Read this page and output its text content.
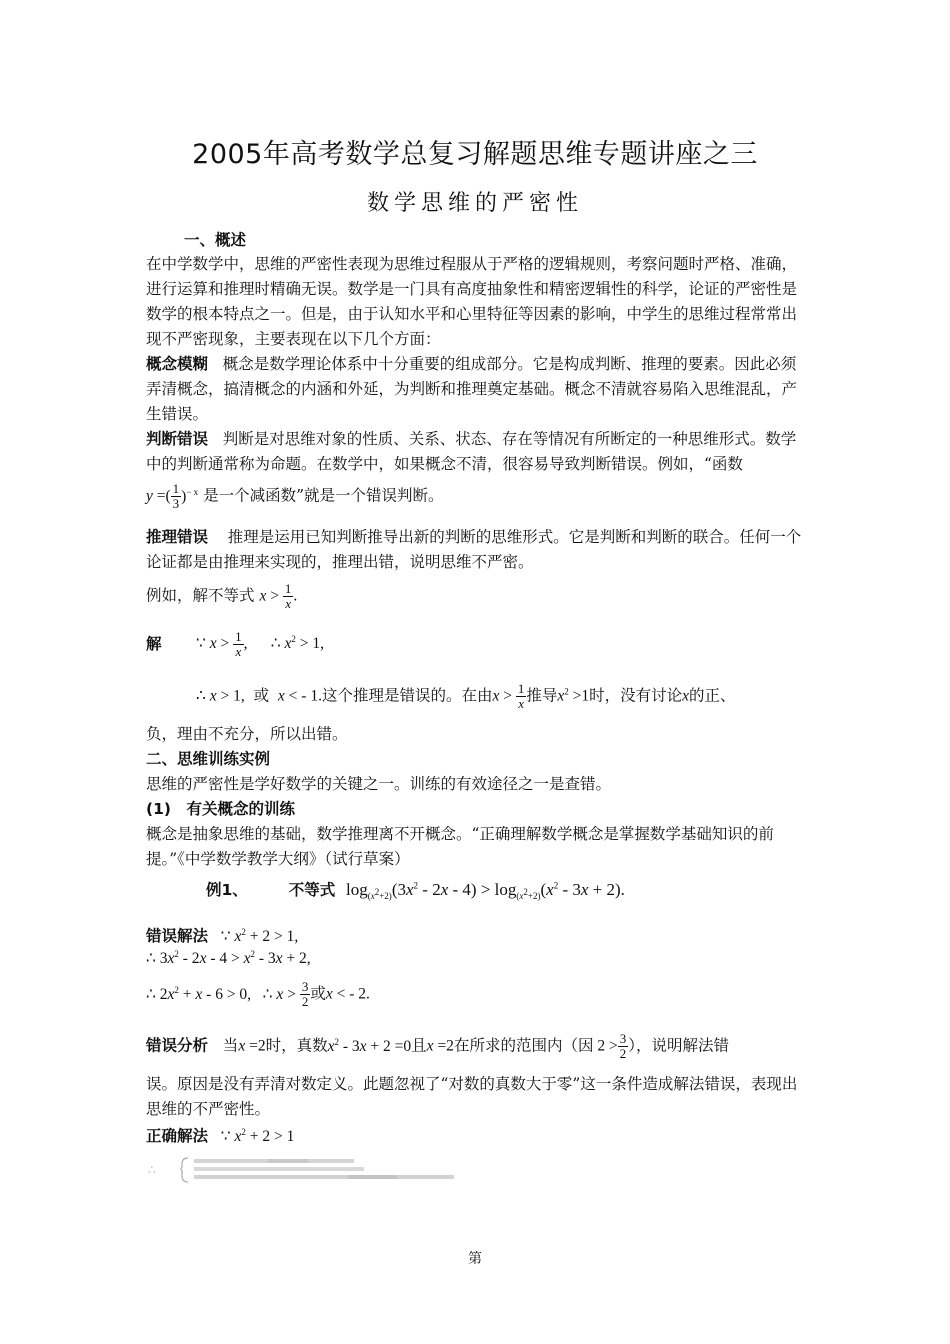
2005年高考数学总复习解题思维专题讲座之三
数学思维的严密性
一、概述
在中学数学中，思维的严密性表现为思维过程服从于严格的逻辑规则，考察问题时严格、准确，进行运算和推理时精确无误。数学是一门具有高度抽象性和精密逻辑性的科学，论证的严密性是数学的根本特点之一。但是，由于认知水平和心里特征等因素的影响，中学生的思维过程常常出现不严密现象，主要表现在以下几个方面：
概念模糊 概念是数学理论体系中十分重要的组成部分。它是构成判断、推理的要素。因此必须弄清概念，搞清概念的内涵和外延，为判断和推理奠定基础。概念不清就容易陷入思维混乱，产生错误。
判断错误 判断是对思维对象的性质、关系、状态、存在等情况有所断定的一种思维形式。数学中的判断通常称为命题。在数学中，如果概念不清，很容易导致判断错误。例如，“函数
y =( $\frac{1}{3} )^{- x}$ 是一个减函数”就是一个错误判断。
推理错误 推理是运用已知判断推导出新的判断的思维形式。它是判断和判断的联合。任何一个论证都是由推理来实现的，推理出错，说明思维不严密。
例如，解不等式 $x > \frac{1}{x}$ .
解 ∵ $x > \frac{1}{x}$ ,      ∴ $x^2 > 1$,
∴ x > 1,  或 x < - 1.这个推理是错误的。在由$x > \frac{1}{x}$ 推导$x^2 >1$时，没有讨论x的正、
负，理由不充分，所以出错。
二、思维训练实例
思维的严密性是学好数学的关键之一。训练的有效途径之一是查错。
(1)　有关概念的训练
概念是抽象思维的基础，数学推理离不开概念。“正确理解数学概念是掌握数学基础知识的前提。”《中学数学教学大纲》（试行草案）
例1、	不等式 $\log_{(x^2+2)}(3x^2 - 2x - 4) > \log_{(x^2+2)}(x^2 - 3x + 2)$.
错误解法   ∵ $x^2 + 2 > 1$,
∴ $3x^2 - 2x - 4 > x^2 - 3x + 2$,
∴ $2x^2 + x - 6 > 0$,   ∴ $x > \frac{3}{2}$ 或x < - 2.
错误分析 当x =2时，真数$x^2 - 3x + 2 =0$且x =2在所求的范围内（因 $2 > \frac{3}{2}$ ），说明解法错
误。原因是没有弄清对数定义。此题忽视了“对数的真数大于零”这一条件造成解法错误，表现出思维的不严密性。
正确解法   ∵ $x^2 + 2 > 1$
∴
第
